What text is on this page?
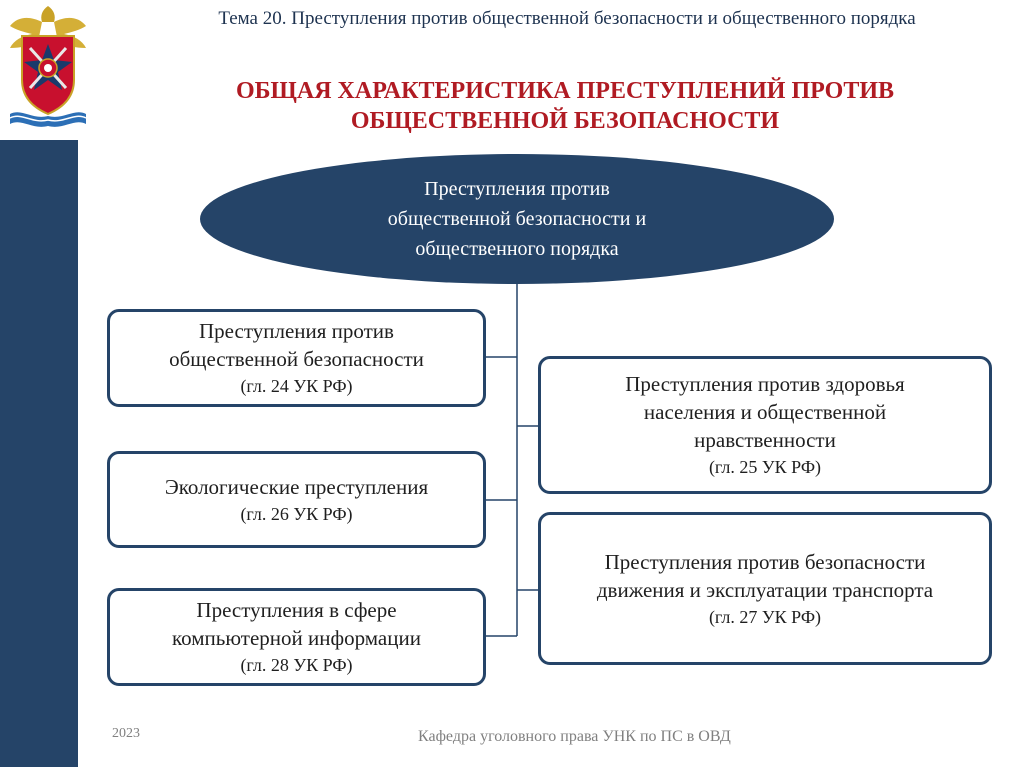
Тема 20. Преступления против общественной безопасности и общественного порядка
ОБЩАЯ ХАРАКТЕРИСТИКА ПРЕСТУПЛЕНИЙ ПРОТИВ
ОБЩЕСТВЕННОЙ БЕЗОПАСНОСТИ
Преступления против
общественной безопасности и
общественного порядка
Преступления против
общественной безопасности
(гл. 24 УК РФ)	Преступления против здоровья
населения и общественной
нравственности
(гл. 25 УК РФ)
Экологические преступления
(гл. 26 УК РФ)
Преступления против безопасности
движения и эксплуатации транспорта
(гл. 27 УК РФ)
Преступления в сфере
компьютерной информации
(гл. 28 УК РФ)
2023	Кафедра уголовного права УНК по ПС в ОВД
